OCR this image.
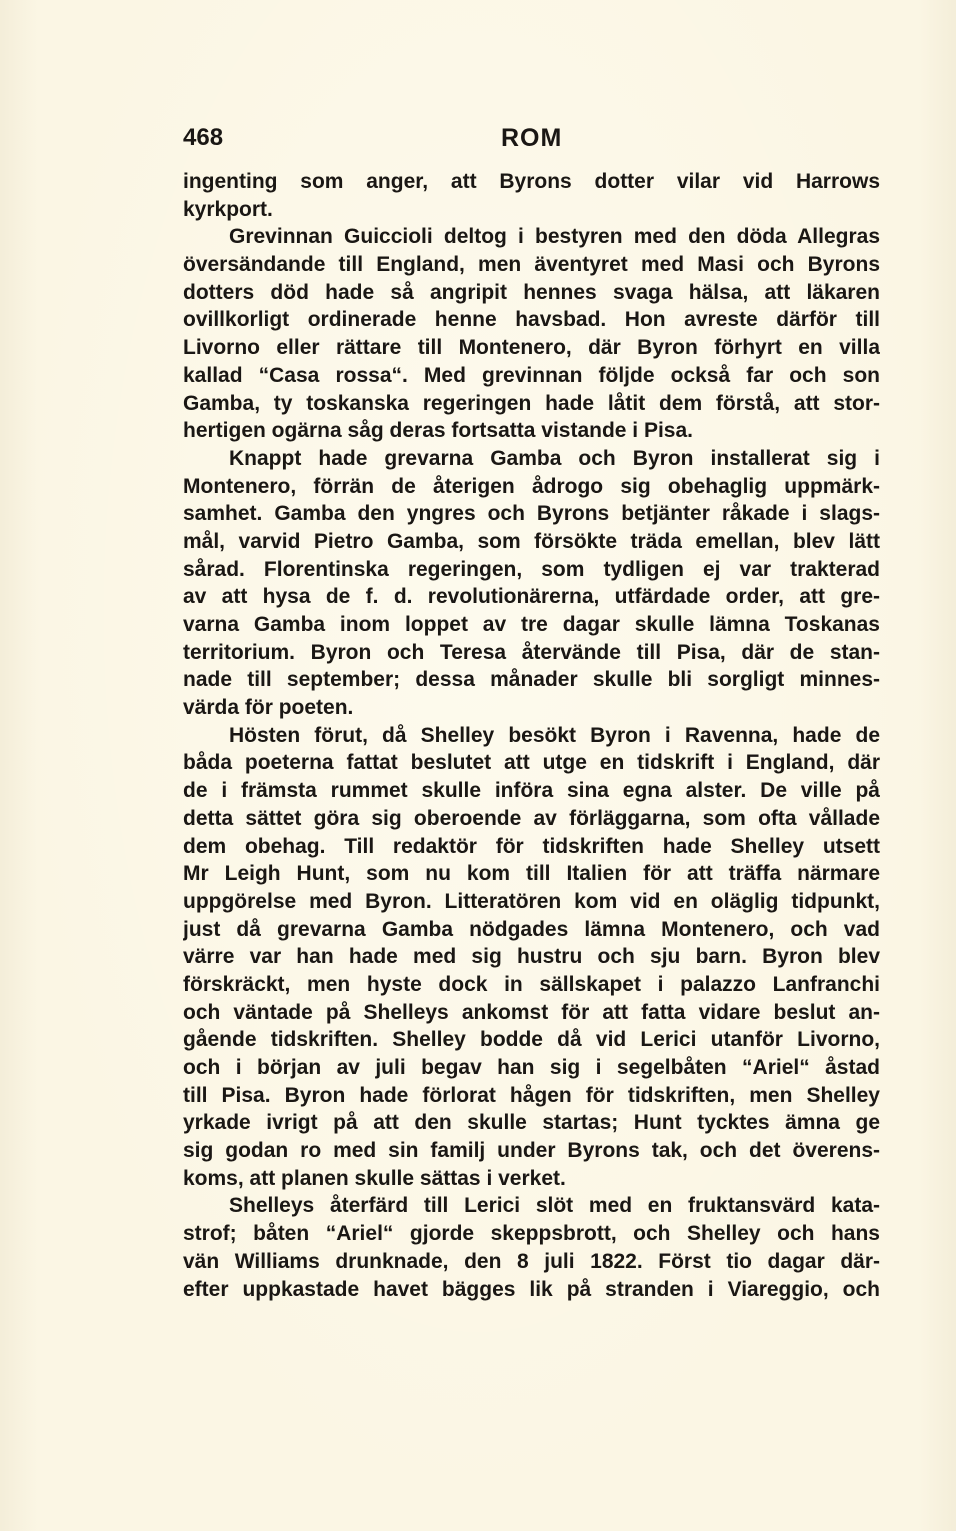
468	ROM
ingenting som anger, att Byrons dotter vilar vid Harrows
kyrkport.
Grevinnan Guiccioli deltog i bestyren med den döda Allegras
översändande till England, men äventyret med Masi och Byrons
dotters död hade så angripit hennes svaga hälsa, att läkaren
ovillkorligt ordinerade henne havsbad. Hon avreste därför till
Livorno eller rättare till Montenero, där Byron förhyrt en villa
kallad “Casa rossa“. Med grevinnan följde också far och son
Gamba, ty toskanska regeringen hade låtit dem förstå, att stor-
hertigen ogärna såg deras fortsatta vistande i Pisa.
Knappt hade grevarna Gamba och Byron installerat sig i
Montenero, förrän de återigen ådrogo sig obehaglig uppmärk-
samhet. Gamba den yngres och Byrons betjänter råkade i slags-
mål, varvid Pietro Gamba, som försökte träda emellan, blev lätt
sårad. Florentinska regeringen, som tydligen ej var trakterad
av att hysa de f. d. revolutionärerna, utfärdade order, att gre-
varna Gamba inom loppet av tre dagar skulle lämna Toskanas
territorium. Byron och Teresa återvände till Pisa, där de stan-
nade till september; dessa månader skulle bli sorgligt minnes-
värda för poeten.
Hösten förut, då Shelley besökt Byron i Ravenna, hade de
båda poeterna fattat beslutet att utge en tidskrift i England, där
de i främsta rummet skulle införa sina egna alster. De ville på
detta sättet göra sig oberoende av förläggarna, som ofta vållade
dem obehag. Till redaktör för tidskriften hade Shelley utsett
Mr Leigh Hunt, som nu kom till Italien för att träffa närmare
uppgörelse med Byron. Litteratören kom vid en oläglig tidpunkt,
just då grevarna Gamba nödgades lämna Montenero, och vad
värre var han hade med sig hustru och sju barn. Byron blev
förskräckt, men hyste dock in sällskapet i palazzo Lanfranchi
och väntade på Shelleys ankomst för att fatta vidare beslut an-
gående tidskriften. Shelley bodde då vid Lerici utanför Livorno,
och i början av juli begav han sig i segelbåten “Ariel“ åstad
till Pisa. Byron hade förlorat hågen för tidskriften, men Shelley
yrkade ivrigt på att den skulle startas; Hunt tycktes ämna ge
sig godan ro med sin familj under Byrons tak, och det överens-
koms, att planen skulle sättas i verket.
Shelleys återfärd till Lerici slöt med en fruktansvärd kata-
strof; båten “Ariel“ gjorde skeppsbrott, och Shelley och hans
vän Williams drunknade, den 8 juli 1822. Först tio dagar där-
efter uppkastade havet bägges lik på stranden i Viareggio, och
